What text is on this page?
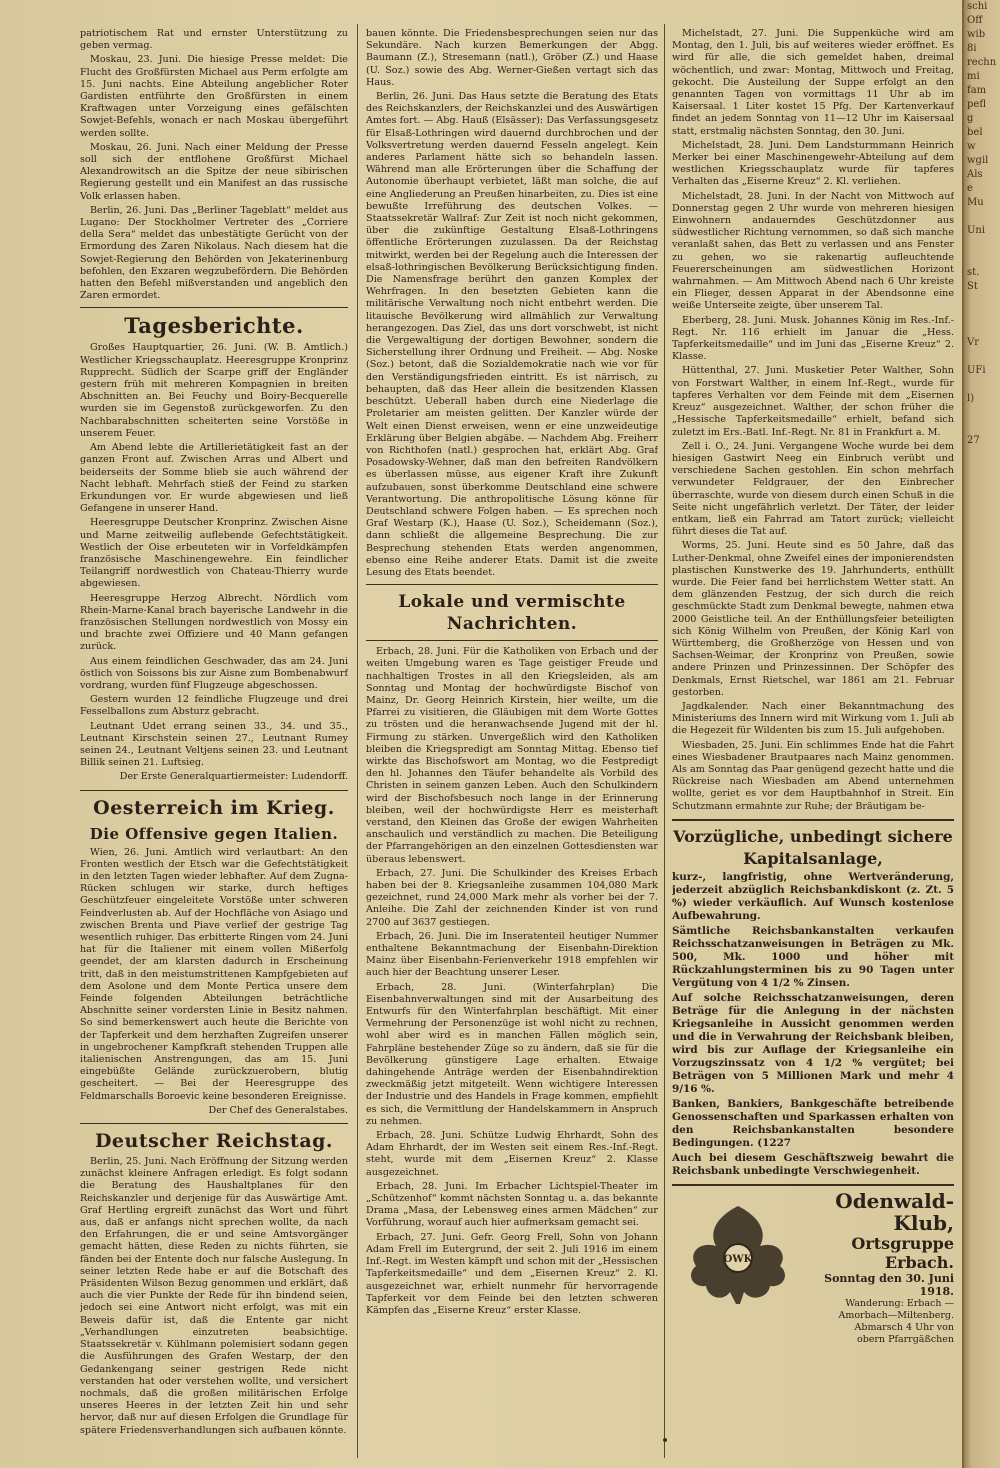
patriotischem Rat und ernster Unterstützung zu geben vermag.

Moskau, 23. Juni. Die hiesige Presse meldet: Die Flucht des Großfürsten Michael aus Perm erfolgte am 15. Juni nachts. Eine Abteilung angeblicher Roter Gardisten entführte den Großfürsten in einem Kraftwagen unter Vorzeigung eines gefälschten Sowjet-Befehls, wonach er nach Moskau übergeführt werden sollte.

Moskau, 26. Juni. Nach einer Meldung der Presse soll sich der entflohene Großfürst Michael Alexandrowitsch an die Spitze der neue sibirischen Regierung gestellt und ein Manifest an das russische Volk erlassen haben.

Berlin, 26. Juni. Das „Berliner Tageblatt“ meldet aus Lugano: Der Stockholmer Vertreter des „Corriere della Sera“ meldet das unbestätigte Gerücht von der Ermordung des Zaren Nikolaus. Nach diesem hat die Sowjet-Regierung den Behörden von Jekaterinenburg befohlen, den Exzaren wegzubefördern. Die Behörden hatten den Befehl mißverstanden und angeblich den Zaren ermordet.

Tagesberichte.

Großes Hauptquartier, 26. Juni. (W. B. Amtlich.) Westlicher Kriegsschauplatz. Heeresgruppe Kronprinz Rupprecht. Südlich der Scarpe griff der Engländer gestern früh mit mehreren Kompagnien in breiten Abschnitten an. Bei Feuchy und Boiry-Becquerelle wurden sie im Gegenstoß zurückgeworfen. Zu den Nachbarabschnitten scheiterten seine Vorstöße in unserem Feuer.

Am Abend lebte die Artillerietätigkeit fast an der ganzen Front auf. Zwischen Arras und Albert und beiderseits der Somme blieb sie auch während der Nacht lebhaft. Mehrfach stieß der Feind zu starken Erkundungen vor. Er wurde abgewiesen und ließ Gefangene in unserer Hand.

Heeresgruppe Deutscher Kronprinz. Zwischen Aisne und Marne zeitweilig auflebende Gefechtstätigkeit. Westlich der Oise erbeuteten wir in Vorfeldkämpfen französische Maschinengewehre. Ein feindlicher Teilangriff nordwestlich von Chateau-Thierry wurde abgewiesen.

Heeresgruppe Herzog Albrecht. Nördlich vom Rhein-Marne-Kanal brach bayerische Landwehr in die französischen Stellungen nordwestlich von Mossy ein und brachte zwei Offiziere und 40 Mann gefangen zurück.

Aus einem feindlichen Geschwader, das am 24. Juni östlich von Soissons bis zur Aisne zum Bombenabwurf vordrang, wurden fünf Flugzeuge abgeschossen.

Gestern wurden 12 feindliche Flugzeuge und drei Fesselballons zum Absturz gebracht.

Leutnant Udet errang seinen 33., 34. und 35., Leutnant Kirschstein seinen 27., Leutnant Rumey seinen 24., Leutnant Veltjens seinen 23. und Leutnant Billik seinen 21. Luftsieg.

Der Erste Generalquartiermeister: Ludendorff.

Oesterreich im Krieg.
Die Offensive gegen Italien.

Wien, 26. Juni. Amtlich wird verlautbart: An den Fronten westlich der Etsch war die Gefechtstätigkeit in den letzten Tagen wieder lebhafter. Auf dem Zugna-Rücken schlugen wir starke, durch heftiges Geschützfeuer eingeleitete Vorstöße unter schweren Feindverlusten ab. Auf der Hochfläche von Asiago und zwischen Brenta und Piave verlief der gestrige Tag wesentlich ruhiger. Das erbitterte Ringen vom 24. Juni hat für die Italiener mit einem vollen Mißerfolg geendet, der am klarsten dadurch in Erscheinung tritt, daß in den meistumstrittenen Kampfgebieten auf dem Asolone und dem Monte Pertica unsere dem Feinde folgenden Abteilungen beträchtliche Abschnitte seiner vordersten Linie in Besitz nahmen. So sind bemerkenswert auch heute die Berichte von der Tapferkeit und dem herzhaften Zugreifen unserer in ungebrochener Kampfkraft stehenden Truppen alle italienischen Anstrengungen, das am 15. Juni eingebüßte Gelände zurückzuerobern, blutig gescheitert. — Bei der Heeresgruppe des Feldmarschalls Boroevic keine besonderen Ereignisse.

Der Chef des Generalstabes.

Deutscher Reichstag.

Berlin, 25. Juni. Nach Eröffnung der Sitzung werden zunächst kleinere Anfragen erledigt. Es folgt sodann die Beratung des Haushaltplanes für den Reichskanzler und derjenige für das Auswärtige Amt. Graf Hertling ergreift zunächst das Wort und führt aus, daß er anfangs nicht sprechen wollte, da nach den Erfahrungen, die er und seine Amtsvorgänger gemacht hätten, diese Reden zu nichts führten, sie fänden bei der Entente doch nur falsche Auslegung. In seiner letzten Rede habe er auf die Botschaft des Präsidenten Wilson Bezug genommen und erklärt, daß auch die vier Punkte der Rede für ihn bindend seien, jedoch sei eine Antwort nicht erfolgt, was mit ein Beweis dafür ist, daß die Entente gar nicht „Verhandlungen einzutreten beabsichtige. Staatssekretär v. Kühlmann polemisiert sodann gegen die Ausführungen des Grafen Westarp, der den Gedankengang seiner gestrigen Rede nicht verstanden hat oder verstehen wollte, und versichert nochmals, daß die großen militärischen Erfolge unseres Heeres in der letzten Zeit hin und sehr hervor, daß nur auf diesen Erfolgen die Grundlage für spätere Friedensverhandlungen sich aufbauen könnte.

bauen könnte. Die Friedensbesprechungen seien nur das Sekundäre. Nach kurzen Bemerkungen der Abgg. Baumann (Z.), Stresemann (natl.), Gröber (Z.) und Haase (U. Soz.) sowie des Abg. Werner-Gießen vertagt sich das Haus.

Berlin, 26. Juni. Das Haus setzte die Beratung des Etats des Reichskanzlers, der Reichskanzlei und des Auswärtigen Amtes fort. — Abg. Hauß (Elsässer): Das Verfassungsgesetz für Elsaß-Lothringen wird dauernd durchbrochen und der Volksvertretung werden dauernd Fesseln angelegt. Kein anderes Parlament hätte sich so behandeln lassen. Während man alle Erörterungen über die Schaffung der Autonomie überhaupt verbietet, läßt man solche, die auf eine Angliederung an Preußen hinarbeiten, zu. Dies ist eine bewußte Irreführung des deutschen Volkes. — Staatssekretär Wallraf: Zur Zeit ist noch nicht gekommen, über die zukünftige Gestaltung Elsaß-Lothringens öffentliche Erörterungen zuzulassen. Da der Reichstag mitwirkt, werden bei der Regelung auch die Interessen der elsaß-lothringischen Bevölkerung Berücksichtigung finden. Die Namensfrage berührt den ganzen Komplex der Wehrfragen. In den besetzten Gebieten kann die militärische Verwaltung noch nicht entbehrt werden. Die litauische Bevölkerung wird allmählich zur Verwaltung herangezogen. Das Ziel, das uns dort vorschwebt, ist nicht die Vergewaltigung der dortigen Bewohner, sondern die Sicherstellung ihrer Ordnung und Freiheit. — Abg. Noske (Soz.) betont, daß die Sozialdemokratie nach wie vor für den Verständigungsfrieden eintritt. Es ist närrisch, zu behaupten, daß das Heer allein die besitzenden Klassen beschützt. Ueberall haben durch eine Niederlage die Proletarier am meisten gelitten. Der Kanzler würde der Welt einen Dienst erweisen, wenn er eine unzweideutige Erklärung über Belgien abgäbe. — Nachdem Abg. Freiherr von Richthofen (natl.) gesprochen hat, erklärt Abg. Graf Posadowsky-Wehner, daß man den befreiten Randvölkern es überlassen müsse, aus eigener Kraft ihre Zukunft aufzubauen, sonst überkomme Deutschland eine schwere Verantwortung. Die anthropolitische Lösung könne für Deutschland schwere Folgen haben. — Es sprechen noch Graf Westarp (K.), Haase (U. Soz.), Scheidemann (Soz.), dann schließt die allgemeine Besprechung. Die zur Besprechung stehenden Etats werden angenommen, ebenso eine Reihe anderer Etats. Damit ist die zweite Lesung des Etats beendet.

Lokale und vermischte Nachrichten.

Erbach, 28. Juni. Für die Katholiken von Erbach und der weiten Umgebung waren es Tage geistiger Freude und nachhaltigen Trostes in all den Kriegsleiden, als am Sonntag und Montag der hochwürdigste Bischof von Mainz, Dr. Georg Heinrich Kirstein, hier weilte, um die Pfarrei zu visitieren, die Gläubigen mit dem Worte Gottes zu trösten und die heranwachsende Jugend mit der hl. Firmung zu stärken. Unvergeßlich wird den Katholiken bleiben die Kriegspredigt am Sonntag Mittag. Ebenso tief wirkte das Bischofswort am Montag, wo die Festpredigt den hl. Johannes den Täufer behandelte als Vorbild des Christen in seinem ganzen Leben. Auch den Schulkindern wird der Bischofsbesuch noch lange in der Erinnerung bleiben, weil der hochwürdigste Herr es meisterhaft verstand, den Kleinen das Große der ewigen Wahrheiten anschaulich und verständlich zu machen. Die Beteiligung der Pfarrangehörigen an den einzelnen Gottesdiensten war überaus lebenswert.

Erbach, 27. Juni. Die Schulkinder des Kreises Erbach haben bei der 8. Kriegsanleihe zusammen 104,080 Mark gezeichnet, rund 24,000 Mark mehr als vorher bei der 7. Anleihe. Die Zahl der zeichnenden Kinder ist von rund 2700 auf 3637 gestiegen.

Erbach, 26. Juni. Die im Inseratenteil heutiger Nummer enthaltene Bekanntmachung der Eisenbahn-Direktion Mainz über Eisenbahn-Ferienverkehr 1918 empfehlen wir auch hier der Beachtung unserer Leser.

Erbach, 28. Juni. (Winterfahrplan) Die Eisenbahnverwaltungen sind mit der Ausarbeitung des Entwurfs für den Winterfahrplan beschäftigt. Mit einer Vermehrung der Personenzüge ist wohl nicht zu rechnen, wohl aber wird es in manchen Fällen möglich sein, Fahrpläne bestehender Züge so zu ändern, daß sie für die Bevölkerung günstigere Lage erhalten. Etwaige dahingehende Anträge werden der Eisenbahndirektion zweckmäßig jetzt mitgeteilt. Wenn wichtigere Interessen der Industrie und des Handels in Frage kommen, empfiehlt es sich, die Vermittlung der Handelskammern in Anspruch zu nehmen.

Erbach, 28. Juni. Schütze Ludwig Ehrhardt, Sohn des Adam Ehrhardt, der im Westen seit einem Res.-Inf.-Regt. steht, wurde mit dem „Eisernen Kreuz“ 2. Klasse ausgezeichnet.

Erbach, 28. Juni. Im Erbacher Lichtspiel-Theater im „Schützenhof“ kommt nächsten Sonntag u. a. das bekannte Drama „Masa, der Lebensweg eines armen Mädchen“ zur Vorführung, worauf auch hier aufmerksam gemacht sei.

Erbach, 27. Juni. Gefr. Georg Frell, Sohn von Johann Adam Frell im Eutergrund, der seit 2. Juli 1916 im einem Inf.-Regt. im Westen kämpft und schon mit der „Hessischen Tapferkeitsmedaille“ und dem „Eisernen Kreuz“ 2. Kl. ausgezeichnet war, erhielt nunmehr für hervorragende Tapferkeit vor dem Feinde bei den letzten schweren Kämpfen das „Eiserne Kreuz“ erster Klasse.

Michelstadt, 27. Juni. Die Suppenküche wird am Montag, den 1. Juli, bis auf weiteres wieder eröffnet. Es wird für alle, die sich gemeldet haben, dreimal wöchentlich, und zwar: Montag, Mittwoch und Freitag, gekocht. Die Austeilung der Suppe erfolgt an den genannten Tagen von vormittags 11 Uhr ab im Kaisersaal. 1 Liter kostet 15 Pfg. Der Kartenverkauf findet an jedem Sonntag von 11—12 Uhr im Kaisersaal statt, erstmalig nächsten Sonntag, den 30. Juni.

Michelstadt, 28. Juni. Dem Landsturmmann Heinrich Merker bei einer Maschinengewehr-Abteilung auf dem westlichen Kriegsschauplatz wurde für tapferes Verhalten das „Eiserne Kreuz“ 2. Kl. verliehen.

Michelstadt, 28. Juni. In der Nacht von Mittwoch auf Donnerstag gegen 2 Uhr wurde von mehreren hiesigen Einwohnern andauerndes Geschützdonner aus südwestlicher Richtung vernommen, so daß sich manche veranlaßt sahen, das Bett zu verlassen und ans Fenster zu gehen, wo sie rakenartig aufleuchtende Feuererscheinungen am südwestlichen Horizont wahrnahmen. — Am Mittwoch Abend nach 6 Uhr kreiste ein Flieger, dessen Apparat in der Abendsonne eine weiße Unterseite zeigte, über unserem Tal.

Eberberg, 28. Juni. Musk. Johannes König im Res.-Inf.-Regt. Nr. 116 erhielt im Januar die „Hess. Tapferkeitsmedaille“ und im Juni das „Eiserne Kreuz“ 2. Klasse.

Hüttenthal, 27. Juni. Musketier Peter Walther, Sohn von Forstwart Walther, in einem Inf.-Regt., wurde für tapferes Verhalten vor dem Feinde mit dem „Eisernen Kreuz“ ausgezeichnet. Walther, der schon früher die „Hessische Tapferkeitsmedaille“ erhielt, befand sich zuletzt im Ers.-Batl. Inf.-Regt. Nr. 81 in Frankfurt a. M.

Zell i. O., 24. Juni. Vergangene Woche wurde bei dem hiesigen Gastwirt Neeg ein Einbruch verübt und verschiedene Sachen gestohlen. Ein schon mehrfach verwundeter Feldgrauer, der den Einbrecher überraschte, wurde von diesem durch einen Schuß in die Seite nicht ungefährlich verletzt. Der Täter, der leider entkam, ließ ein Fahrrad am Tatort zurück; vielleicht führt dieses die Tat auf.

Worms, 25. Juni. Heute sind es 50 Jahre, daß das Luther-Denkmal, ohne Zweifel eines der imponierendsten plastischen Kunstwerke des 19. Jahrhunderts, enthüllt wurde. Die Feier fand bei herrlichstem Wetter statt. An dem glänzenden Festzug, der sich durch die reich geschmückte Stadt zum Denkmal bewegte, nahmen etwa 2000 Geistliche teil. An der Enthüllungsfeier beteiligten sich König Wilhelm von Preußen, der König Karl von Württemberg, die Großherzöge von Hessen und von Sachsen-Weimar, der Kronprinz von Preußen, sowie andere Prinzen und Prinzessinnen. Der Schöpfer des Denkmals, Ernst Rietschel, war 1861 am 21. Februar gestorben.

Jagdkalender. Nach einer Bekanntmachung des Ministeriums des Innern wird mit Wirkung vom 1. Juli ab die Hegezeit für Wildenten bis zum 15. Juli aufgehoben.

Wiesbaden, 25. Juni. Ein schlimmes Ende hat die Fahrt eines Wiesbadener Brautpaares nach Mainz genommen. Als am Sonntag das Paar genügend gezecht hatte und die Rückreise nach Wiesbaden am Abend unternehmen wollte, geriet es vor dem Hauptbahnhof in Streit. Ein Schutzmann ermahnte zur Ruhe; der Bräutigam be-

Vorzügliche, unbedingt sichere
Kapitalsanlage,

kurz-, langfristig, ohne Wertveränderung, jederzeit abzüglich Reichsbankdiskont (z. Zt. 5 %) wieder verkäuflich. Auf Wunsch kostenlose Aufbewahrung.

Sämtliche Reichsbankanstalten verkaufen Reichsschatzanweisungen in Beträgen zu Mk. 500, Mk. 1000 und höher mit Rückzahlungsterminen bis zu 90 Tagen unter Vergütung von 4 1/2 % Zinsen.

Auf solche Reichsschatzanweisungen, deren Beträge für die Anlegung in der nächsten Kriegsanleihe in Aussicht genommen werden und die in Verwahrung der Reichsbank bleiben, wird bis zur Auflage der Kriegsanleihe ein Vorzugszinssatz von 4 1/2 % vergütet; bei Beträgen von 5 Millionen Mark und mehr 4 9/16 %.

Banken, Bankiers, Bankgeschäfte betreibende Genossenschaften und Sparkassen erhalten von den Reichsbankanstalten besondere Bedingungen. (1227

Auch bei diesem Geschäftszweig bewahrt die Reichsbank unbedingte Verschwiegenheit.

OWK
Odenwald-Klub,
Ortsgruppe Erbach.
Sonntag den 30. Juni 1918.
Wanderung: Erbach —Amorbach—Miltenberg.
Abmarsch 4 Uhr von
obern Pfarrgäßchen
schi
Off
wib
8i
rechn
mi
fam
pefl
g
bel
w
wgil
Als
e
Mu

Uni

st.
St

Vr

UFi

l)

27
